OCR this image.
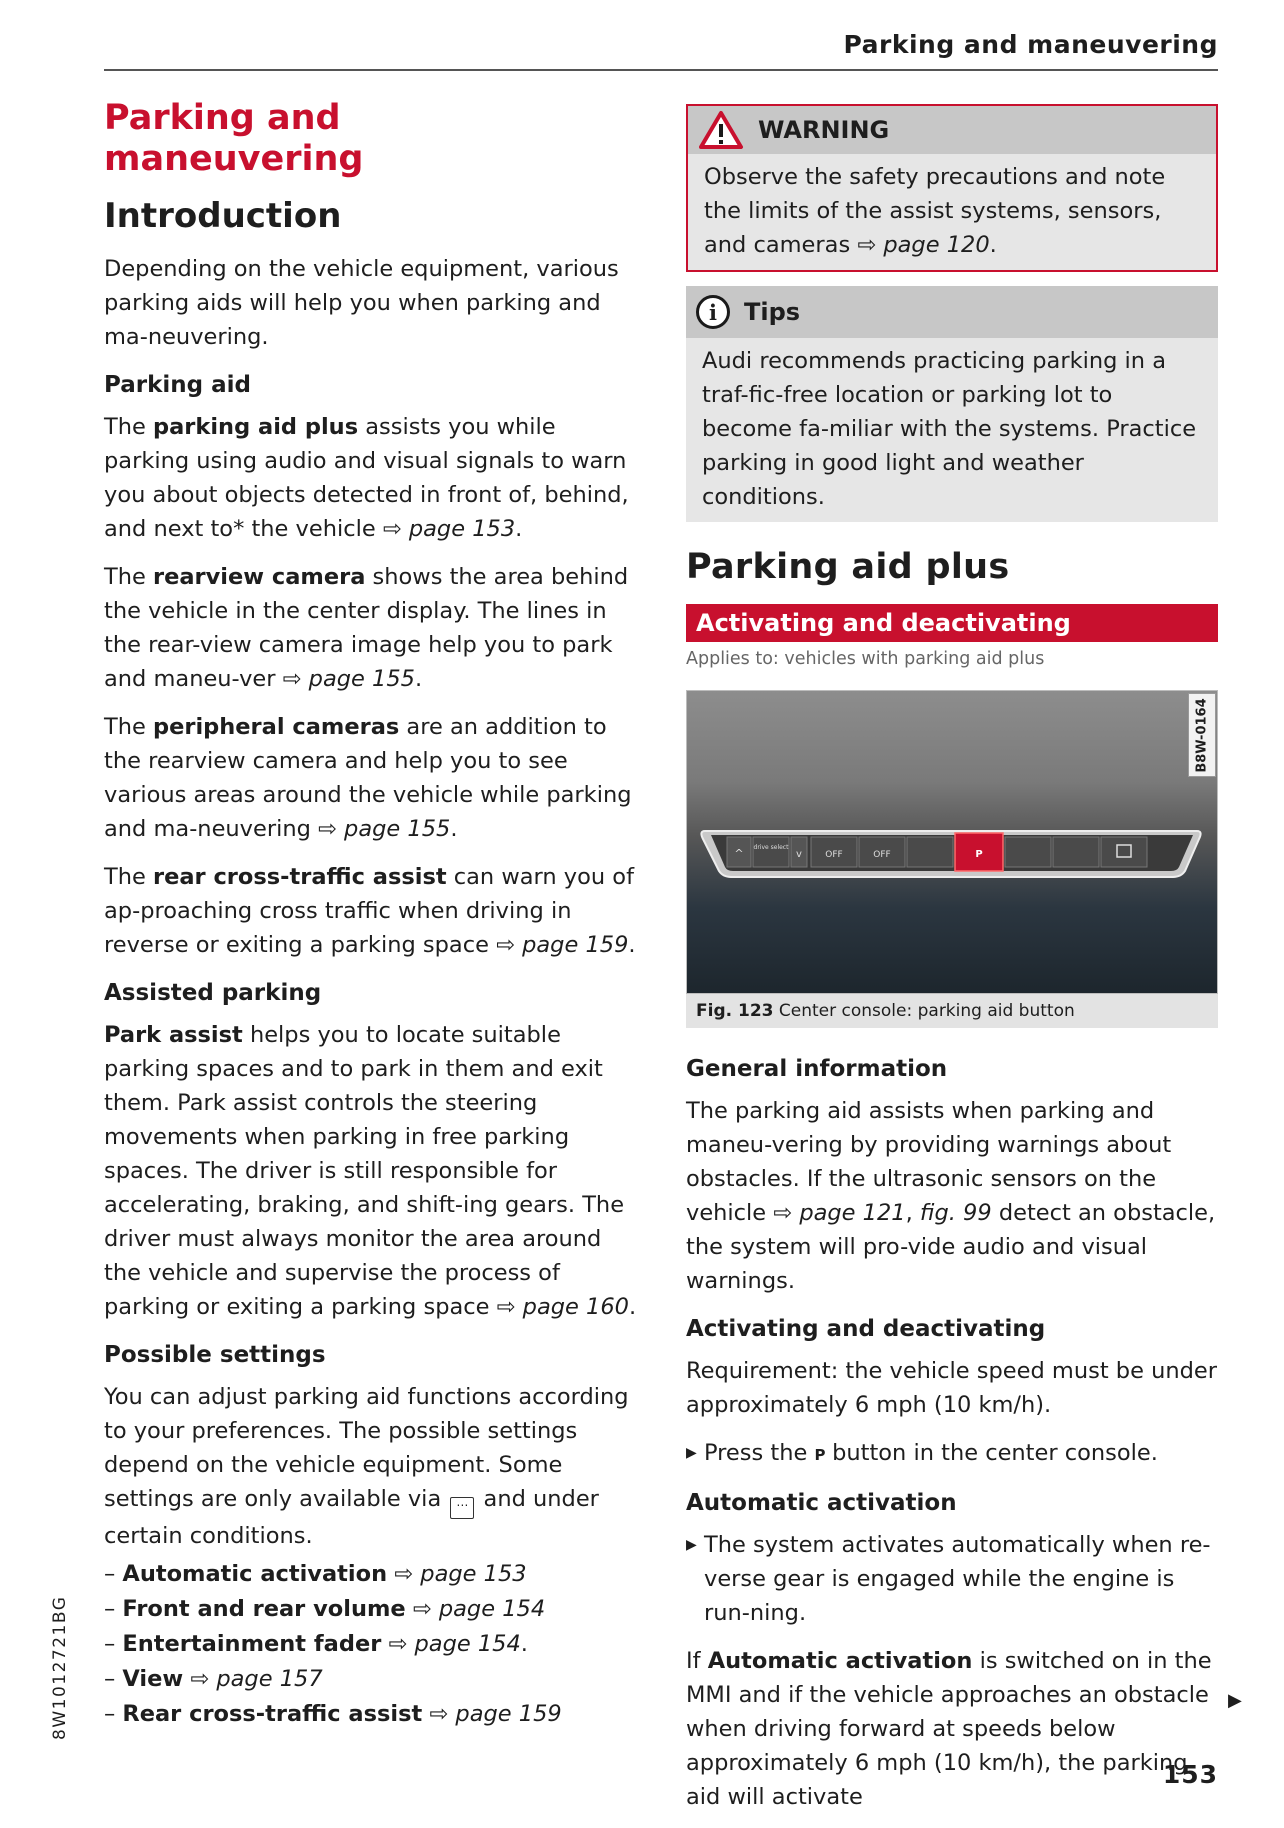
Parking and maneuvering
Parking and
maneuvering
Introduction

Depending on the vehicle equipment, various parking aids will help you when parking and ma-neuvering.

Parking aid

The parking aid plus assists you while parking using audio and visual signals to warn you about objects detected in front of, behind, and next to* the vehicle ⇨ page 153.

The rearview camera shows the area behind the vehicle in the center display. The lines in the rear-view camera image help you to park and maneu-ver ⇨ page 155.

The peripheral cameras are an addition to the rearview camera and help you to see various areas around the vehicle while parking and ma-neuvering ⇨ page 155.

The rear cross-traffic assist can warn you of ap-proaching cross traffic when driving in reverse or exiting a parking space ⇨ page 159.

Assisted parking

Park assist helps you to locate suitable parking spaces and to park in them and exit them. Park assist controls the steering movements when parking in free parking spaces. The driver is still responsible for accelerating, braking, and shift-ing gears. The driver must always monitor the area around the vehicle and supervise the process of parking or exiting a parking space ⇨ page 160.

Possible settings

You can adjust parking aid functions according to your preferences. The possible settings depend on the vehicle equipment. Some settings are only available via ⋯ and under certain conditions.

– Automatic activation ⇨ page 153
– Front and rear volume ⇨ page 154
– Entertainment fader ⇨ page 154.
– View ⇨ page 157
– Rear cross-traffic assist ⇨ page 159
WARNING
Observe the safety precautions and note the limits of the assist systems, sensors, and cameras ⇨ page 120.
i	Tips
Audi recommends practicing parking in a traf-fic-free location or parking lot to become fa-miliar with the systems. Practice parking in good light and weather conditions.
Parking aid plus
Activating and deactivating
Applies to: vehicles with parking aid plus
B8W-0164
^ drive select
v	OFF	OFF	P
Fig. 123 Center console: parking aid button
General information

The parking aid assists when parking and maneu-vering by providing warnings about obstacles. If the ultrasonic sensors on the vehicle ⇨ page 121, fig. 99 detect an obstacle, the system will pro-vide audio and visual warnings.

Activating and deactivating

Requirement: the vehicle speed must be under approximately 6 mph (10 km/h).

▶ Press the P button in the center console.
Automatic activation
▶ The system activates automatically when re-verse gear is engaged while the engine is run-ning.

If Automatic activation is switched on in the MMI and if the vehicle approaches an obstacle when driving forward at speeds below approximately 6 mph (10 km/h), the parking aid will activate

8W1012721BG	▶
153
